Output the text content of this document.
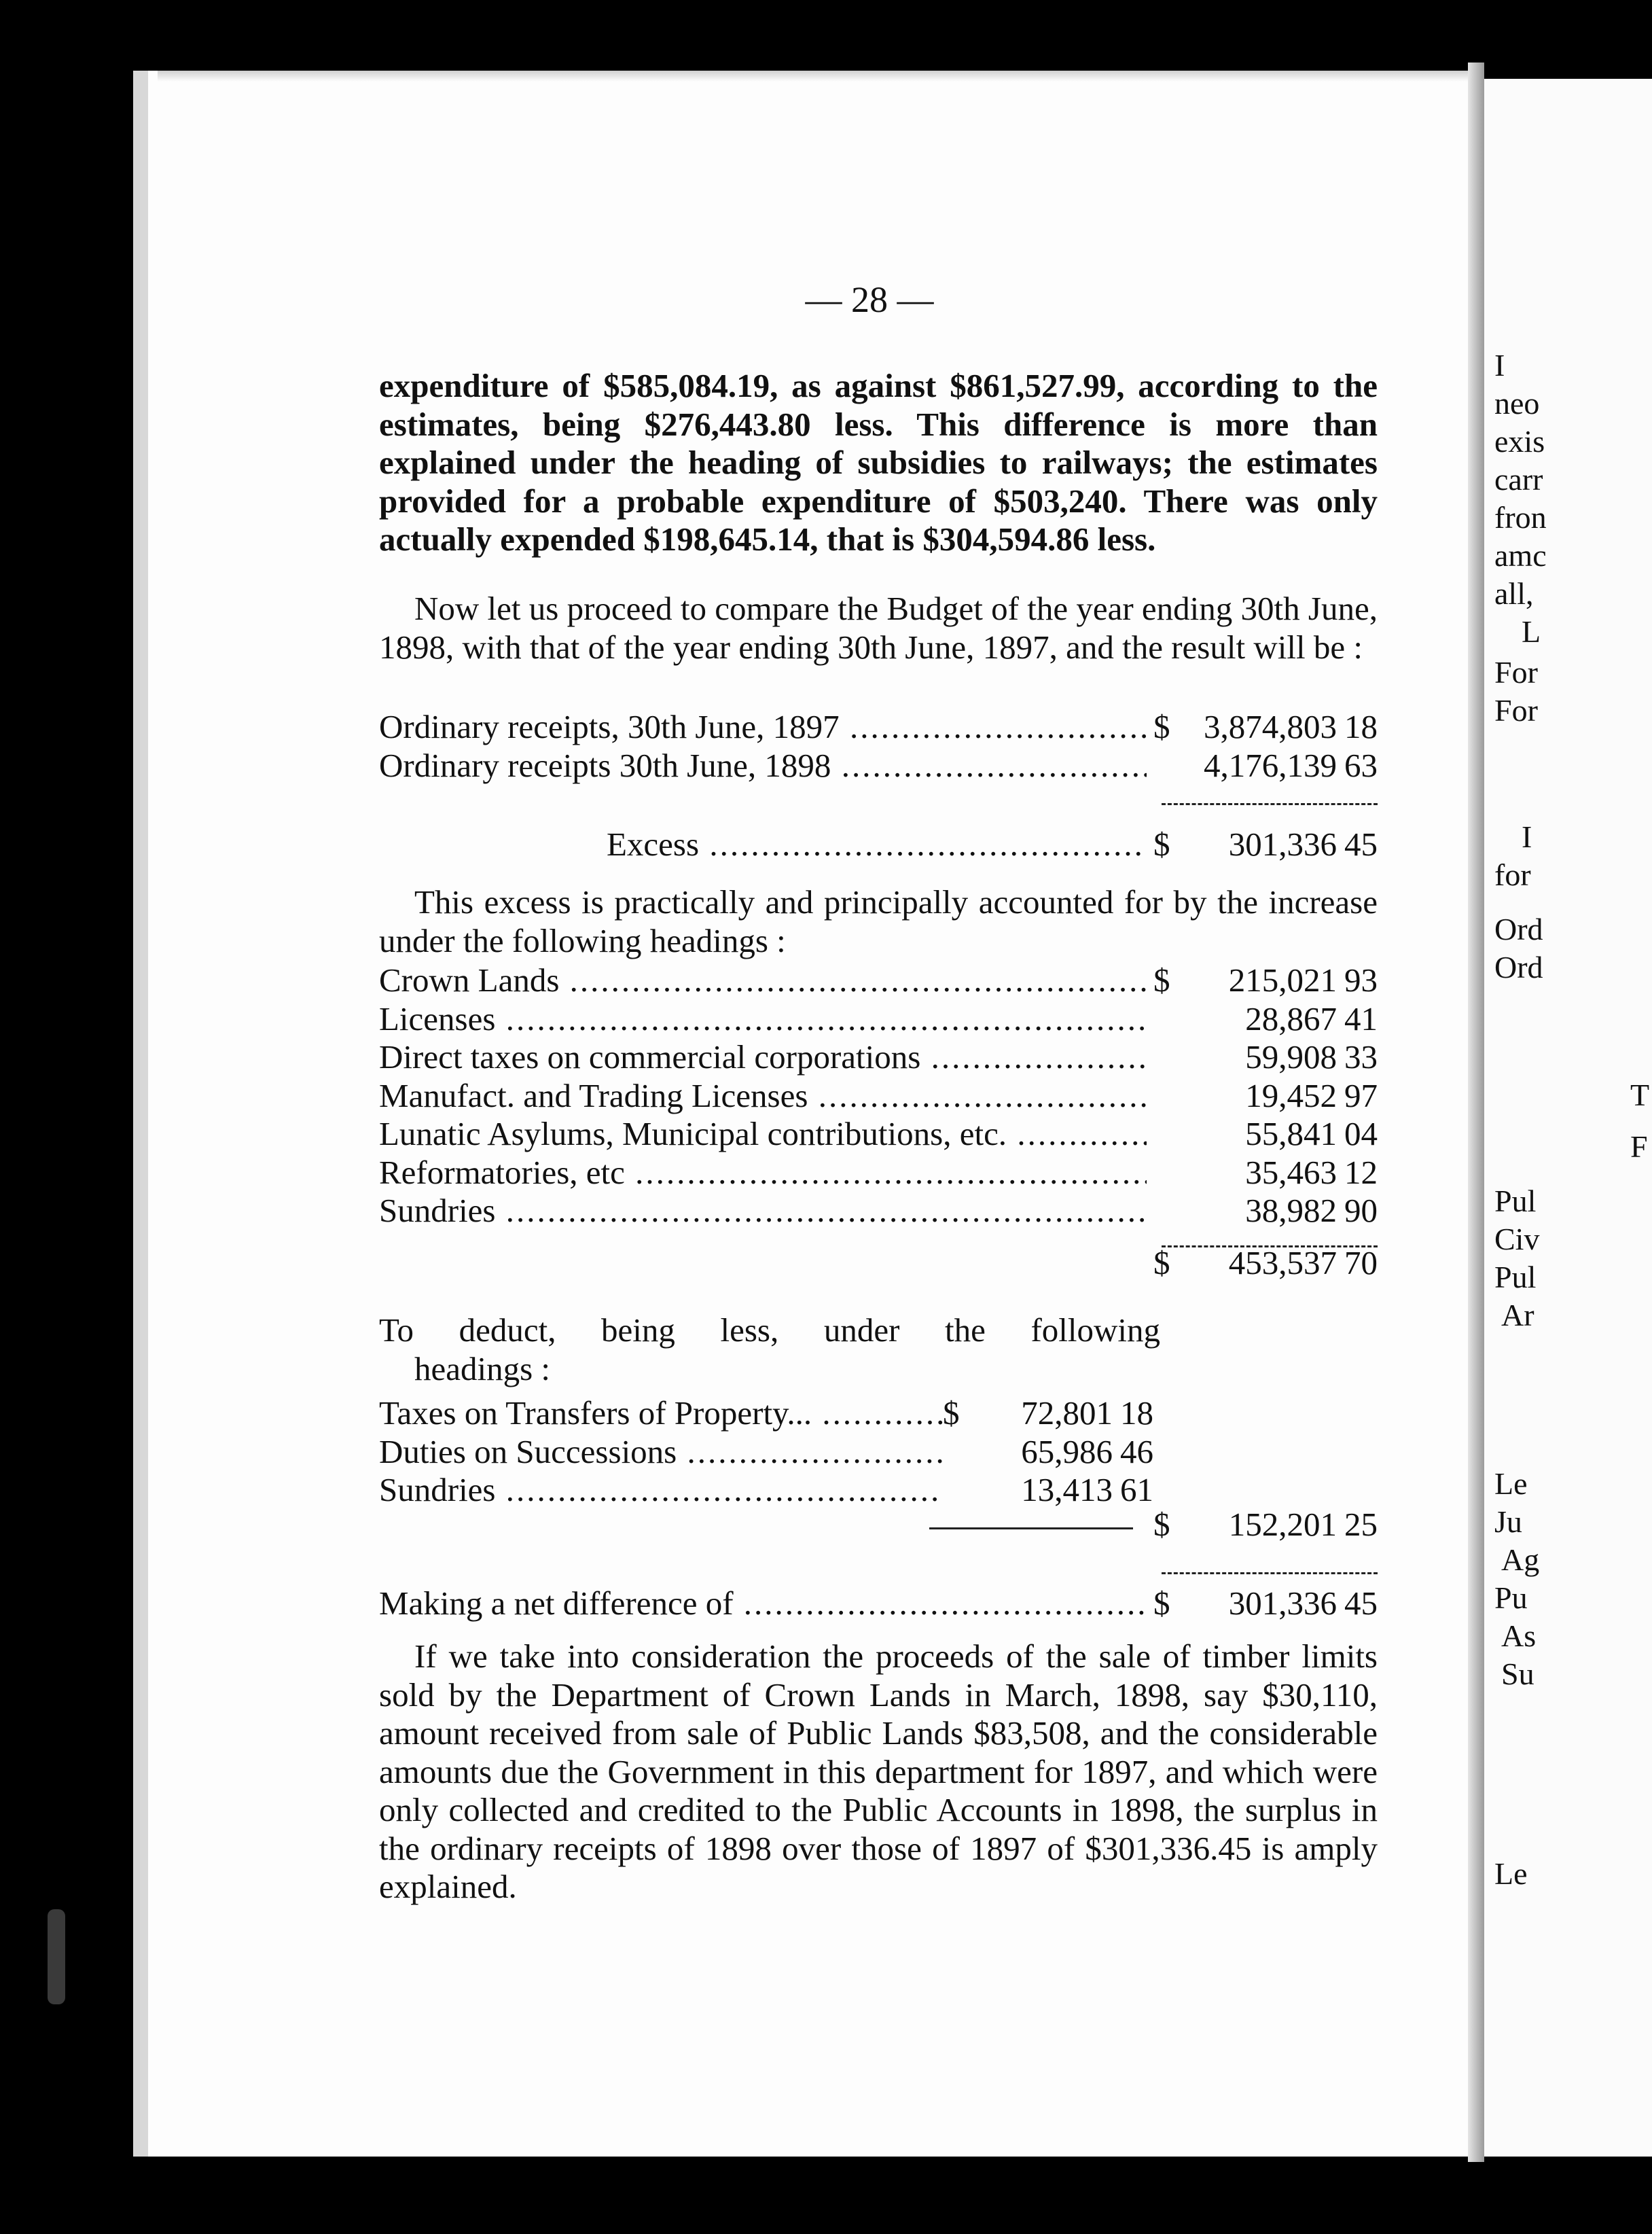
— 28 —

expenditure of $585,084.19, as against $861,527.99, according to the estimates, being $276,443.80 less. This difference is more than explained under the heading of subsidies to railways; the estimates provided for a probable expenditure of $503,240. There was only actually expended $198,645.14, that is $304,594.86 less.

Now let us proceed to compare the Budget of the year ending 30th June, 1898, with that of the year ending 30th June, 1897, and the result will be :

Ordinary receipts, 30th June, 1897 .....	$ 3,874,803 18
Ordinary receipts 30th June, 1898 .....	4,176,139 63
Excess .....	$ 301,336 45

This excess is practically and principally accounted for by the increase under the following headings :

Crown Lands .....	$ 215,021 93
Licenses .....	28,867 41
Direct taxes on commercial corporations .....	59,908 33
Manufact. and Trading Licenses .....	19,452 97
Lunatic Asylums, Municipal contributions, etc. .....	55,841 04
Reformatories, etc .....	35,463 12
Sundries .....	38,982 90
$ 453,537 70
To deduct, being less, under the following
headings :
Taxes on Transfers of Property... .....	$ 72,801 18
Duties on Successions .....	65,986 46
Sundries .....	13,413 61
$ 152,201 25
Making a net difference of .....	$ 301,336 45

If we take into consideration the proceeds of the sale of timber limits sold by the Department of Crown Lands in March, 1898, say $30,110, amount received from sale of Public Lands $83,508, and the considerable amounts due the Government in this department for 1897, and which were only collected and credited to the Public Accounts in 1898, the surplus in the ordinary receipts of 1898 over those of 1897 of $301,336.45 is amply explained.

I
neo
exis
carr
fron
amc
all,
L
For
For
I
for
Ord
Ord
T
F
Pul
Civ
Pul
Ar
Le
Ju
Ag
Pu
As
Su
Le
